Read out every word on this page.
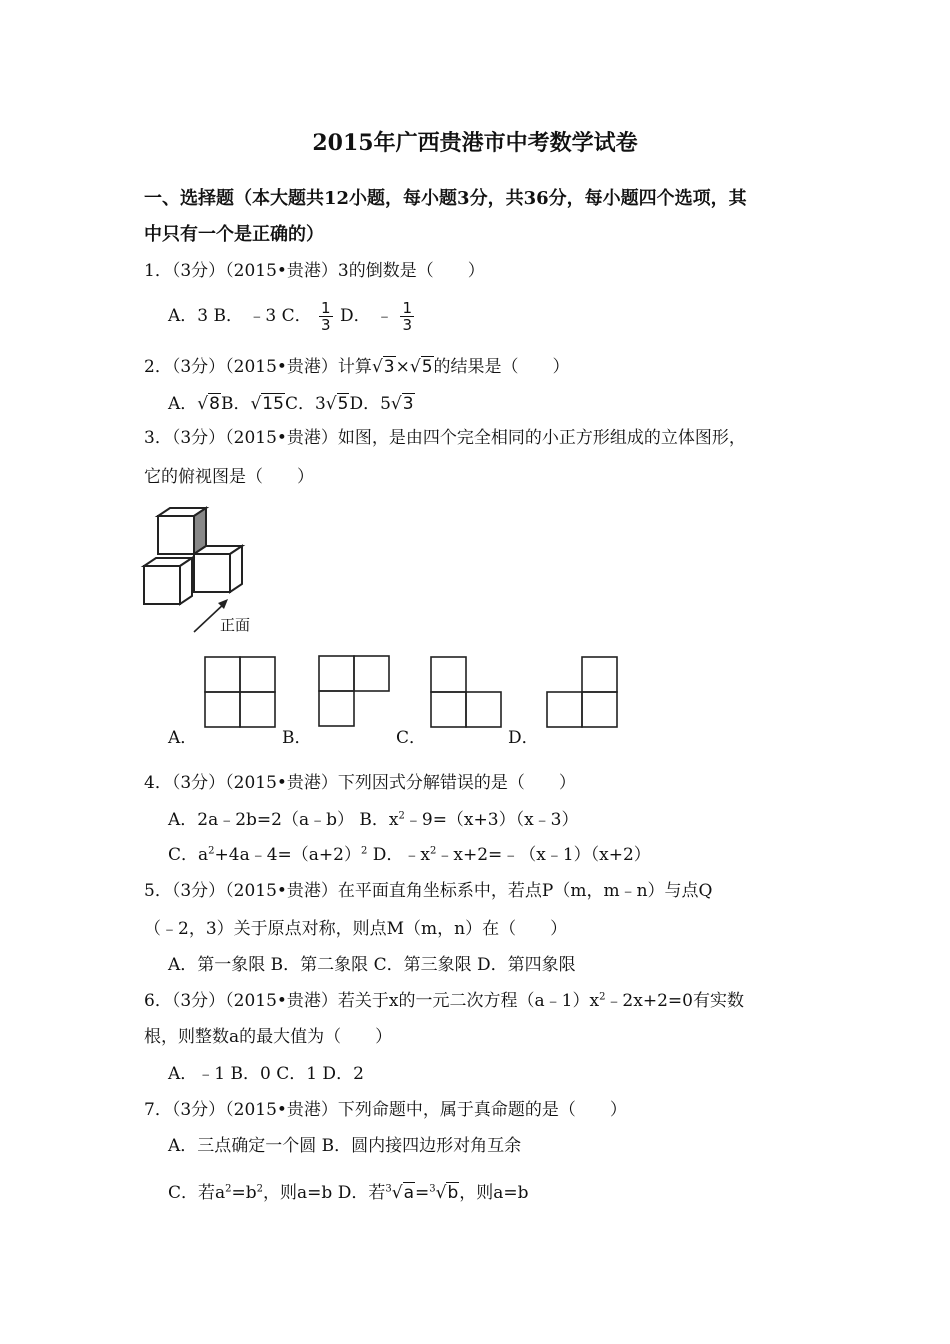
2015年广西贵港市中考数学试卷
一、选择题（本大题共12小题，每小题3分，共36分，每小题四个选项，其
中只有一个是正确的）
1．（3分）（2015•贵港）3的倒数是（　　）
A．3 B． ﹣3 C． $\frac{1}{3}$ D． ﹣ $\frac{1}{3}$
2．（3分）（2015•贵港）计算√3×√5的结果是（　　）
A．√8B．√15C．3√5D．5√3
3．（3分）（2015•贵港）如图，是由四个完全相同的小正方形组成的立体图形，
它的俯视图是（　　）
正面
A．	B．	C．	D．
4．（3分）（2015•贵港）下列因式分解错误的是（　　）
A．2a﹣2b=2（a﹣b） B．$x^2﹣9=(x+3)(x﹣3)$
C．$a^2+4a﹣4=(a+2)^2$ D．$﹣x^2﹣x+2=﹣(x﹣1)(x+2)$
5．（3分）（2015•贵港）在平面直角坐标系中，若点P（m，m﹣n）与点Q
（﹣2，3）关于原点对称，则点M（m，n）在（　　）
A．第一象限 B．第二象限 C．第三象限 D．第四象限
6．（3分）（2015•贵港）若关于x的一元二次方程$(a﹣1)x^2﹣2x+2=0$有实数
根，则整数a的最大值为（　　）
A．﹣1 B．0 C．1 D．2
7．（3分）（2015•贵港）下列命题中，属于真命题的是（　　）
A．三点确定一个圆 B．圆内接四边形对角互余
C．若$a^2=b^2$，则a=b D．若$^3$√a=$^3$√b，则a=b
